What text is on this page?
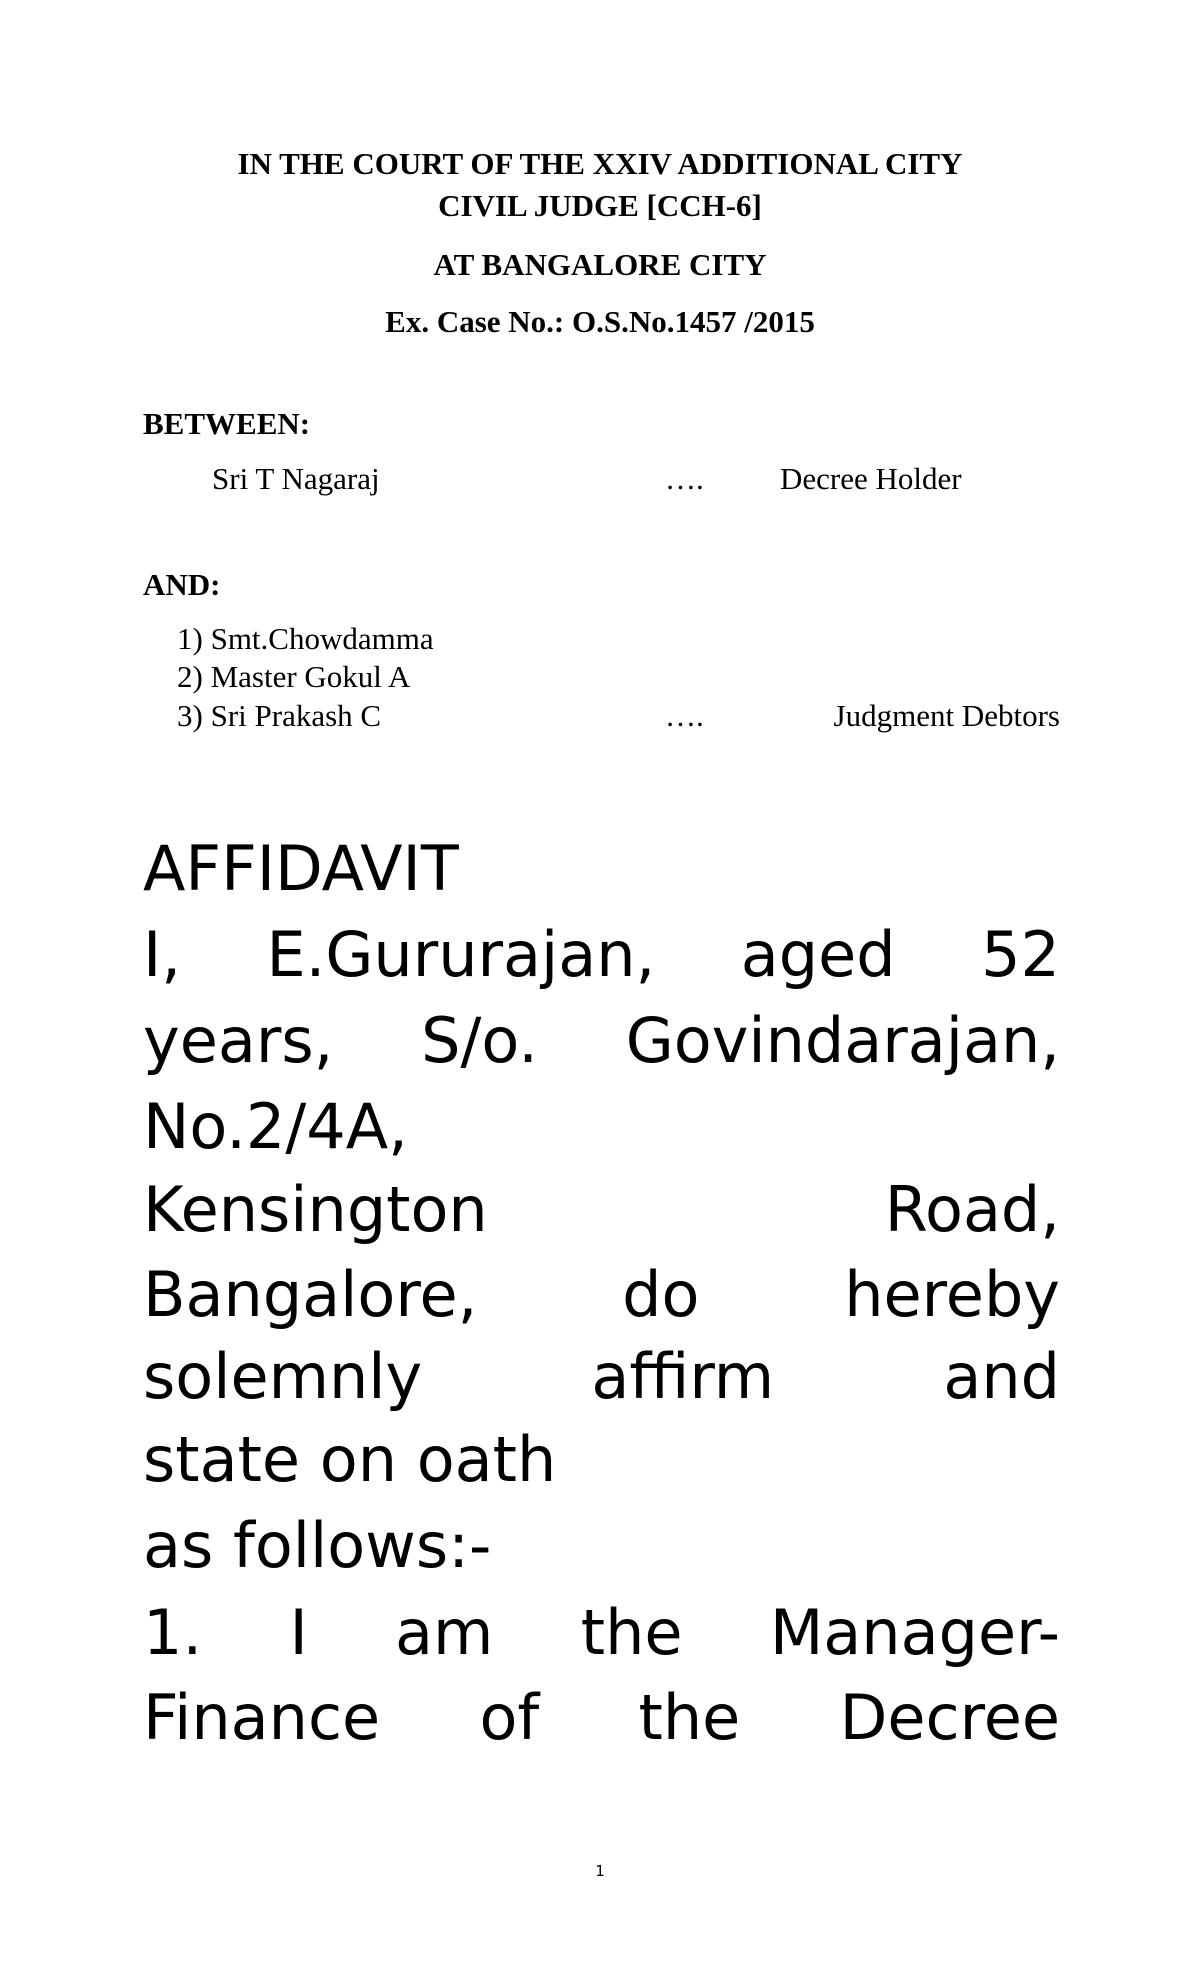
IN THE COURT OF THE XXIV ADDITIONAL CITY
CIVIL JUDGE [CCH-6]
AT BANGALORE CITY
Ex. Case No.: O.S.No.1457 /2015
BETWEEN:
Sri T Nagaraj	…. Decree Holder
AND:
1) Smt.Chowdamma
2) Master Gokul A
3) Sri Prakash C	….	Judgment Debtors
AFFIDAVIT
I, E.Gururajan, aged 52
years, S/o. Govindarajan,
No.2/4A,
Kensington Road,
Bangalore, do hereby
solemnly affirm and
state on oath
as follows:-
1. I am the Manager-
Finance of the Decree
1
